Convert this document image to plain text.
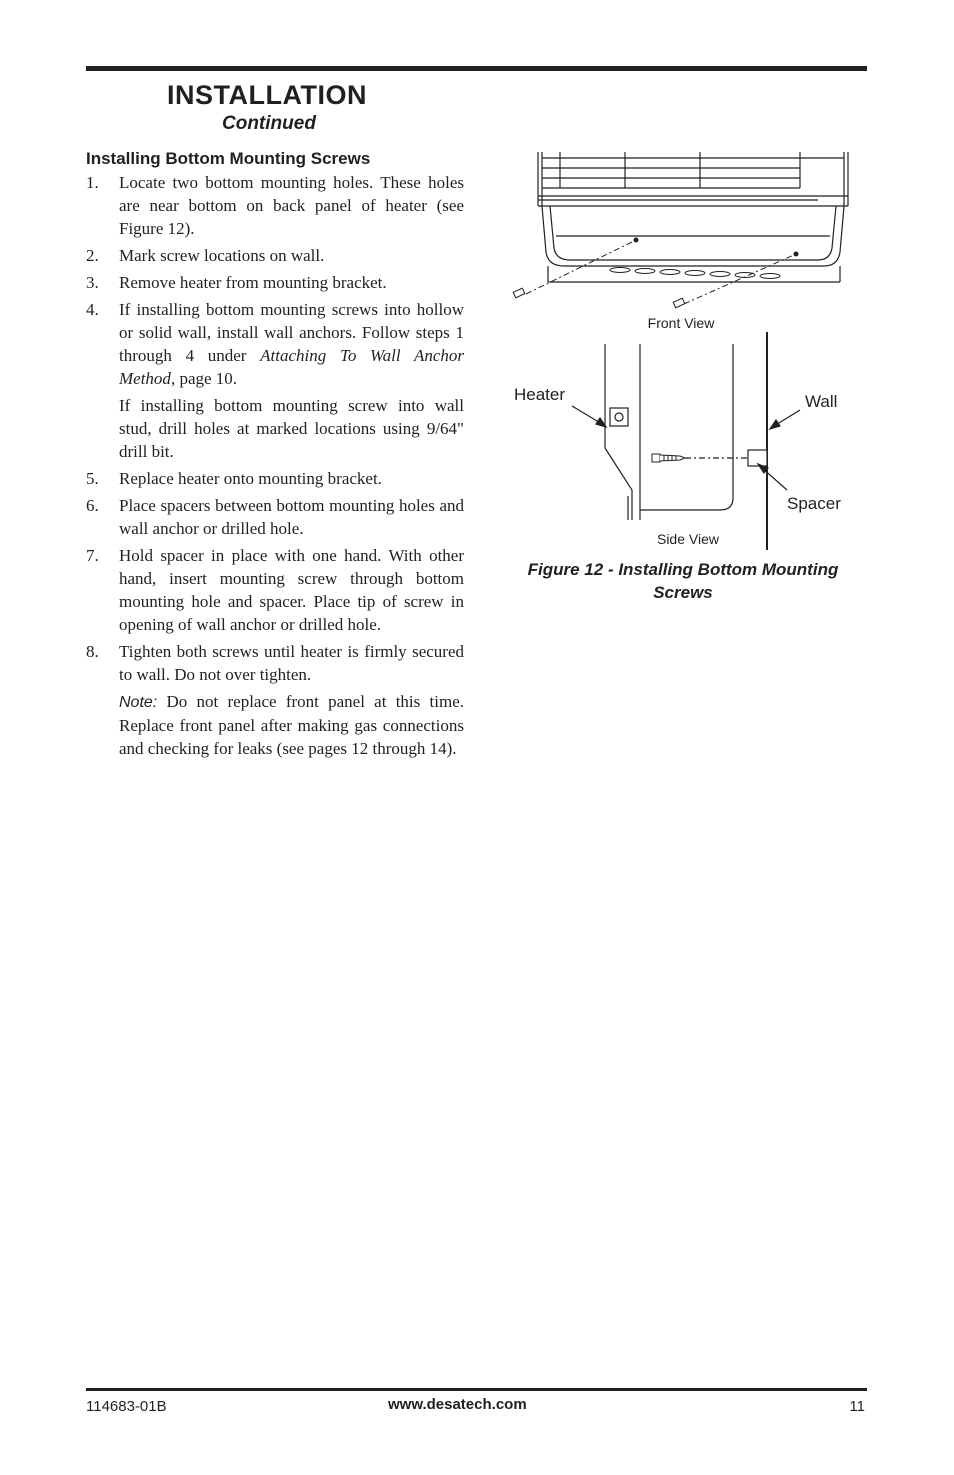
INSTALLATION
Continued
Installing Bottom Mounting Screws
1.	Locate two bottom mounting holes. These holes are near bottom on back panel of heater (see Figure 12).

2.	Mark screw locations on wall.

3.	Remove heater from mounting bracket.

4.	If installing bottom mounting screws into hollow or solid wall, install wall anchors. Follow steps 1 through 4 under Attaching To Wall Anchor Method, page 10.

If installing bottom mounting screw into wall stud, drill holes at marked locations using 9/64" drill bit.

5.	Replace heater onto mounting bracket.

6.	Place spacers between bottom mounting holes and wall anchor or drilled hole.

7.	Hold spacer in place with one hand. With other hand, insert mounting screw through bottom mounting hole and spacer. Place tip of screw in opening of wall anchor or drilled hole.

8.	Tighten both screws until heater is firmly secured to wall. Do not over tighten.

Note: Do not replace front panel at this time. Replace front panel after making gas connections and checking for leaks (see pages 12 through 14).

Front View
Heater	Wall
Spacer
Side View
Figure 12 - Installing Bottom Mounting
Screws
114683-01B	www.desatech.com	11
